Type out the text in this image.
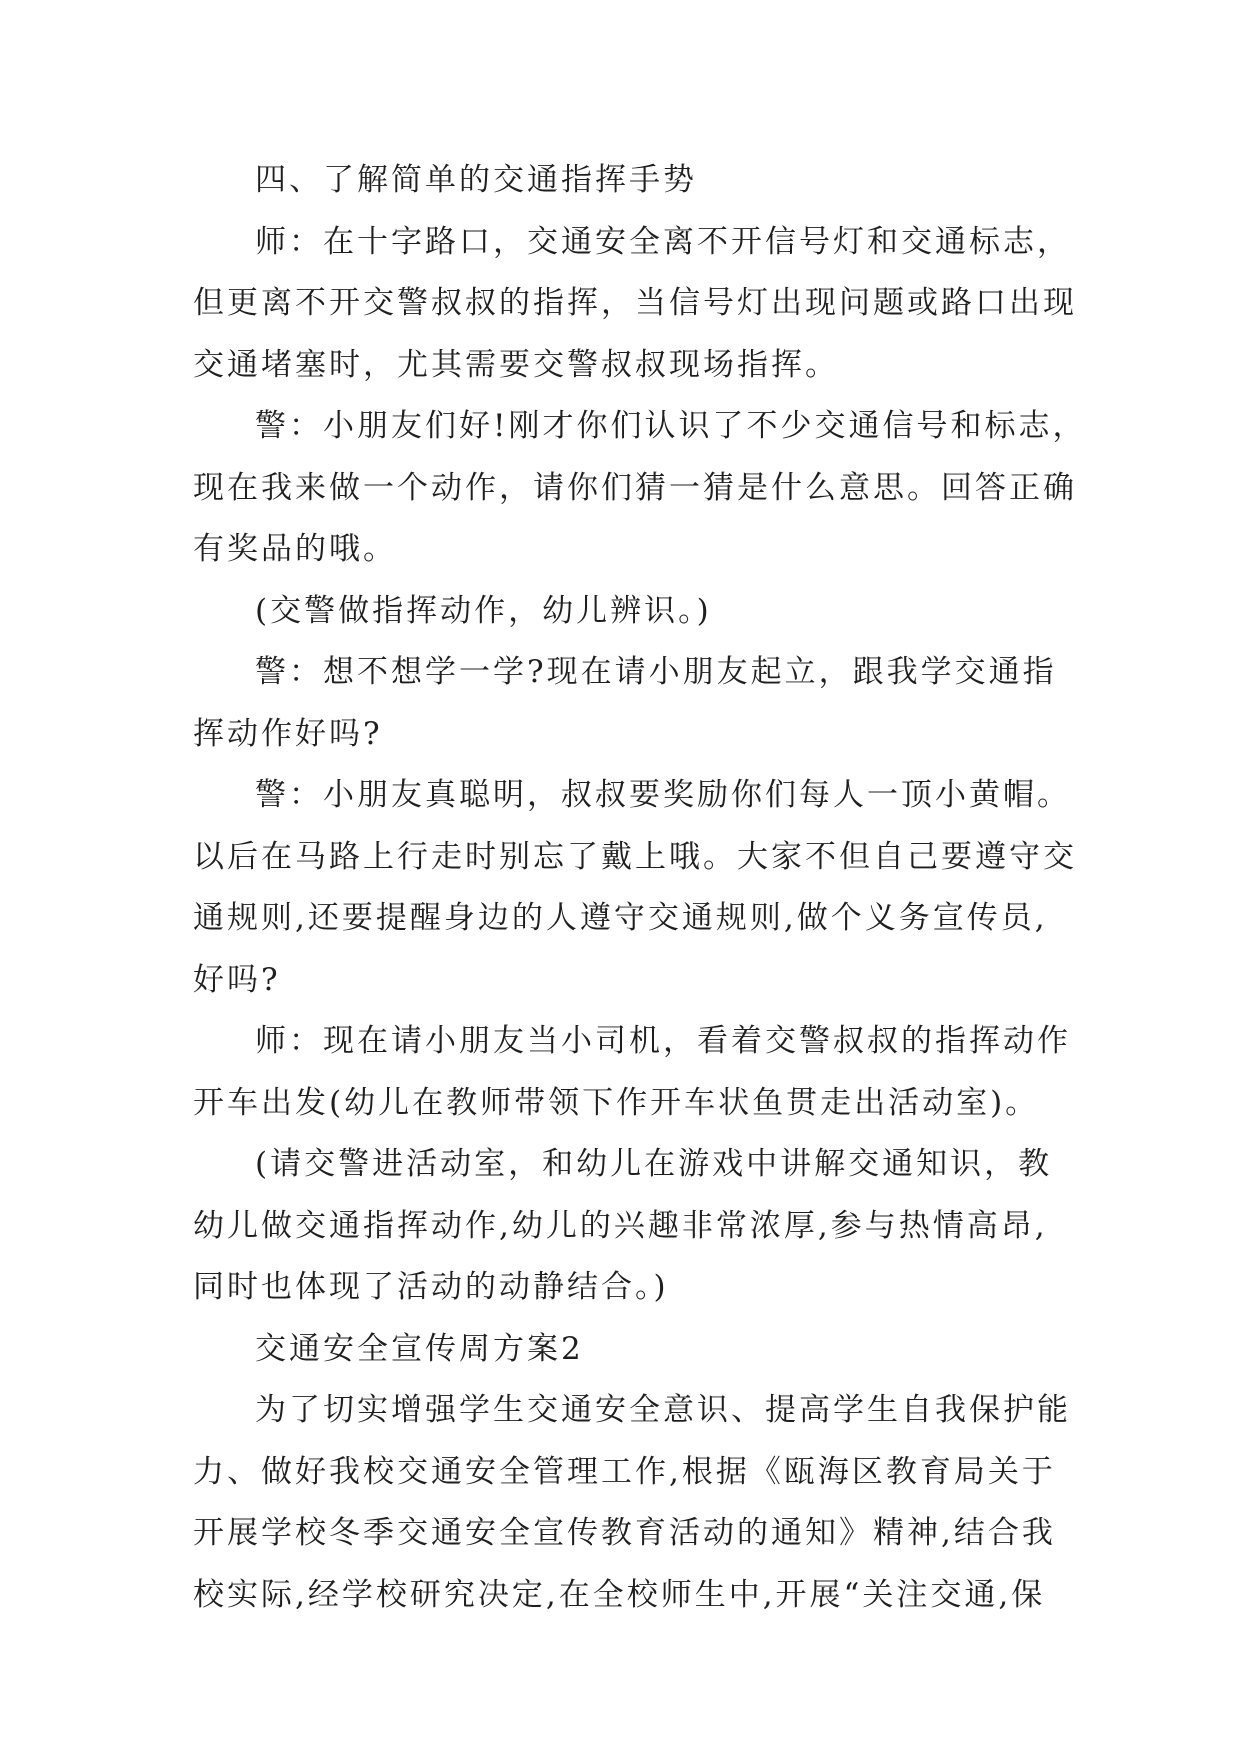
四、了解简单的交通指挥手势
师：在十字路口，交通安全离不开信号灯和交通标志，
但更离不开交警叔叔的指挥，当信号灯出现问题或路口出现
交通堵塞时，尤其需要交警叔叔现场指挥。
警：小朋友们好!刚才你们认识了不少交通信号和标志，
现在我来做一个动作，请你们猜一猜是什么意思。回答正确
有奖品的哦。
(交警做指挥动作，幼儿辨识。)
警：想不想学一学?现在请小朋友起立，跟我学交通指
挥动作好吗?
警：小朋友真聪明，叔叔要奖励你们每人一顶小黄帽。
以后在马路上行走时别忘了戴上哦。大家不但自己要遵守交
通规则,还要提醒身边的人遵守交通规则,做个义务宣传员,
好吗?
师：现在请小朋友当小司机，看着交警叔叔的指挥动作
开车出发(幼儿在教师带领下作开车状鱼贯走出活动室)。
(请交警进活动室，和幼儿在游戏中讲解交通知识，教
幼儿做交通指挥动作,幼儿的兴趣非常浓厚,参与热情高昂,
同时也体现了活动的动静结合。)
交通安全宣传周方案2
为了切实增强学生交通安全意识、提高学生自我保护能
力、做好我校交通安全管理工作,根据《瓯海区教育局关于
开展学校冬季交通安全宣传教育活动的通知》精神,结合我
校实际,经学校研究决定,在全校师生中,开展“关注交通,保
